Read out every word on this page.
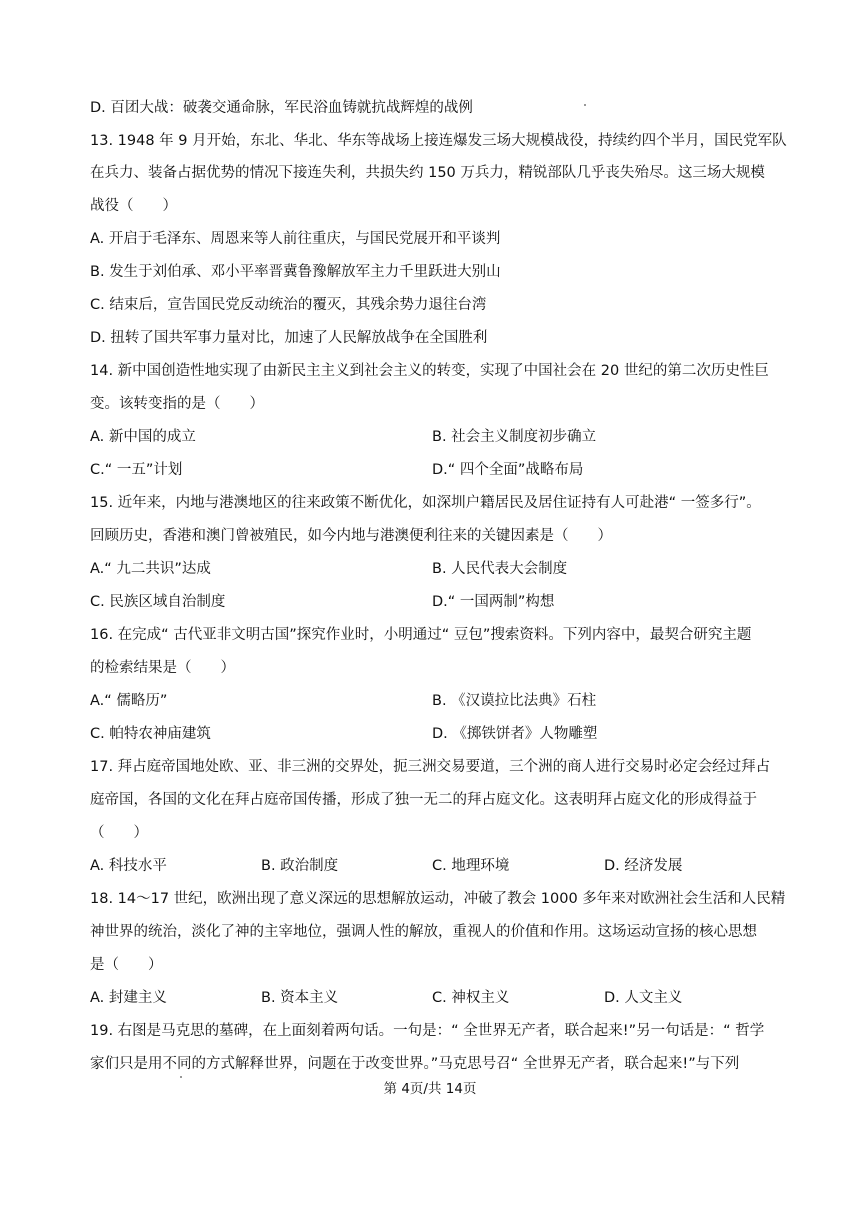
D. 百团大战：破袭交通命脉，军民浴血铸就抗战辉煌的战例
13. 1948 年 9 月开始，东北、华北、华东等战场上接连爆发三场大规模战役，持续约四个半月，国民党军队
在兵力、装备占据优势的情况下接连失利，共损失约 150 万兵力，精锐部队几乎丧失殆尽。这三场大规模
战役（　　）
A. 开启于毛泽东、周恩来等人前往重庆，与国民党展开和平谈判
B. 发生于刘伯承、邓小平率晋冀鲁豫解放军主力千里跃进大别山
C. 结束后，宣告国民党反动统治的覆灭，其残余势力退往台湾
D. 扭转了国共军事力量对比，加速了人民解放战争在全国胜利
14. 新中国创造性地实现了由新民主主义到社会主义的转变，实现了中国社会在 20 世纪的第二次历史性巨
变。该转变指的是（　　）
A. 新中国的成立	B. 社会主义制度初步确立
C.“ 一五”计划	D.“ 四个全面”战略布局
15. 近年来，内地与港澳地区的往来政策不断优化，如深圳户籍居民及居住证持有人可赴港“ 一签多行”。
回顾历史，香港和澳门曾被殖民，如今内地与港澳便利往来的关键因素是（　　）
A.“ 九二共识”达成	B. 人民代表大会制度
C. 民族区域自治制度	D.“ 一国两制”构想
16. 在完成“ 古代亚非文明古国”探究作业时，小明通过“ 豆包”搜索资料。下列内容中，最契合研究主题
的检索结果是（　　）
A.“ 儒略历”	B. 《汉谟拉比法典》石柱
C. 帕特农神庙建筑	D. 《掷铁饼者》人物雕塑
17. 拜占庭帝国地处欧、亚、非三洲的交界处，扼三洲交易要道，三个洲的商人进行交易时必定会经过拜占
庭帝国，各国的文化在拜占庭帝国传播，形成了独一无二的拜占庭文化。这表明拜占庭文化的形成得益于
（　　）
A. 科技水平	B. 政治制度	C. 地理环境	D. 经济发展
18. 14～17 世纪，欧洲出现了意义深远的思想解放运动，冲破了教会 1000 多年来对欧洲社会生活和人民精
神世界的统治，淡化了神的主宰地位，强调人性的解放，重视人的价值和作用。这场运动宣扬的核心思想
是（　　）
A. 封建主义	B. 资本主义	C. 神权主义	D. 人文主义
19. 右图是马克思的墓碑，在上面刻着两句话。一句是：“ 全世界无产者，联合起来!”另一句话是：“ 哲学
家们只是用不同的方式解释世界，问题在于改变世界。”马克思号召“ 全世界无产者，联合起来!”与下列
第 4页/共 14页
